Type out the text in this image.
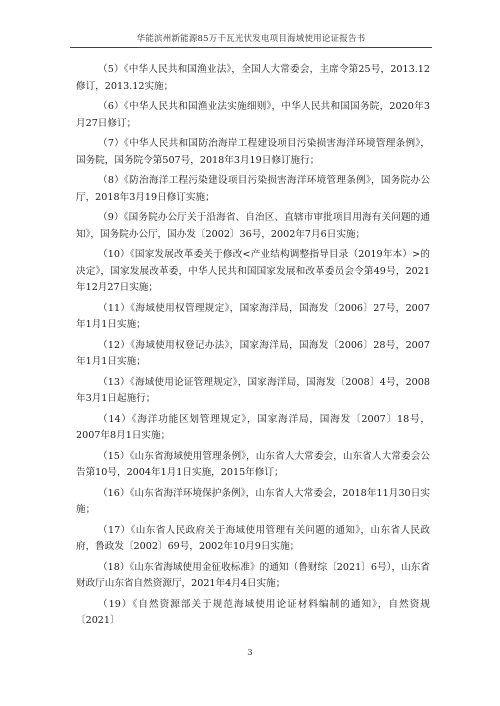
华能滨州新能源85万千瓦光伏发电项目海域使用论证报告书

（5）《中华人民共和国渔业法》，全国人大常委会，主席令第25号，2013.12修订，2013.12实施；

（6）《中华人民共和国渔业法实施细则》，中华人民共和国国务院，2020年3月27日修订；

（7）《中华人民共和国防治海岸工程建设项目污染损害海洋环境管理条例》，国务院，国务院令第507号，2018年3月19日修订施行；

（8）《防治海洋工程污染建设项目污染损害海洋环境管理条例》，国务院办公厅，2018年3月19日修订实施；

（9）《国务院办公厅关于沿海省、自治区、直辖市审批项目用海有关问题的通知》，国务院办公厅，国办发〔2002〕36号，2002年7月6日实施；

（10）《国家发展改革委关于修改<产业结构调整指导目录（2019年本）>的决定》，国家发展改革委，中华人民共和国国家发展和改革委员会令第49号，2021年12月27日实施；

（11）《海域使用权管理规定》，国家海洋局，国海发〔2006〕27号，2007年1月1日实施；

（12）《海域使用权登记办法》，国家海洋局，国海发〔2006〕28号，2007年1月1日实施；

（13）《海域使用论证管理规定》，国家海洋局，国海发〔2008〕4号，2008年3月1日起施行；

（14）《海洋功能区划管理规定》，国家海洋局，国海发〔2007〕18号，2007年8月1日实施；

（15）《山东省海域使用管理条例》，山东省人大常委会，山东省人大常委会公告第10号，2004年1月1日实施，2015年修订；

（16）《山东省海洋环境保护条例》，山东省人大常委会，2018年11月30日实施；

（17）《山东省人民政府关于海域使用管理有关问题的通知》，山东省人民政府，鲁政发〔2002〕69号，2002年10月9日实施；

（18）《山东省海域使用金征收标准》的通知（鲁财综〔2021〕6号），山东省财政厅山东省自然资源厅，2021年4月4日实施；

（19）《自然资源部关于规范海域使用论证材料编制的通知》，自然资规〔2021〕

3
